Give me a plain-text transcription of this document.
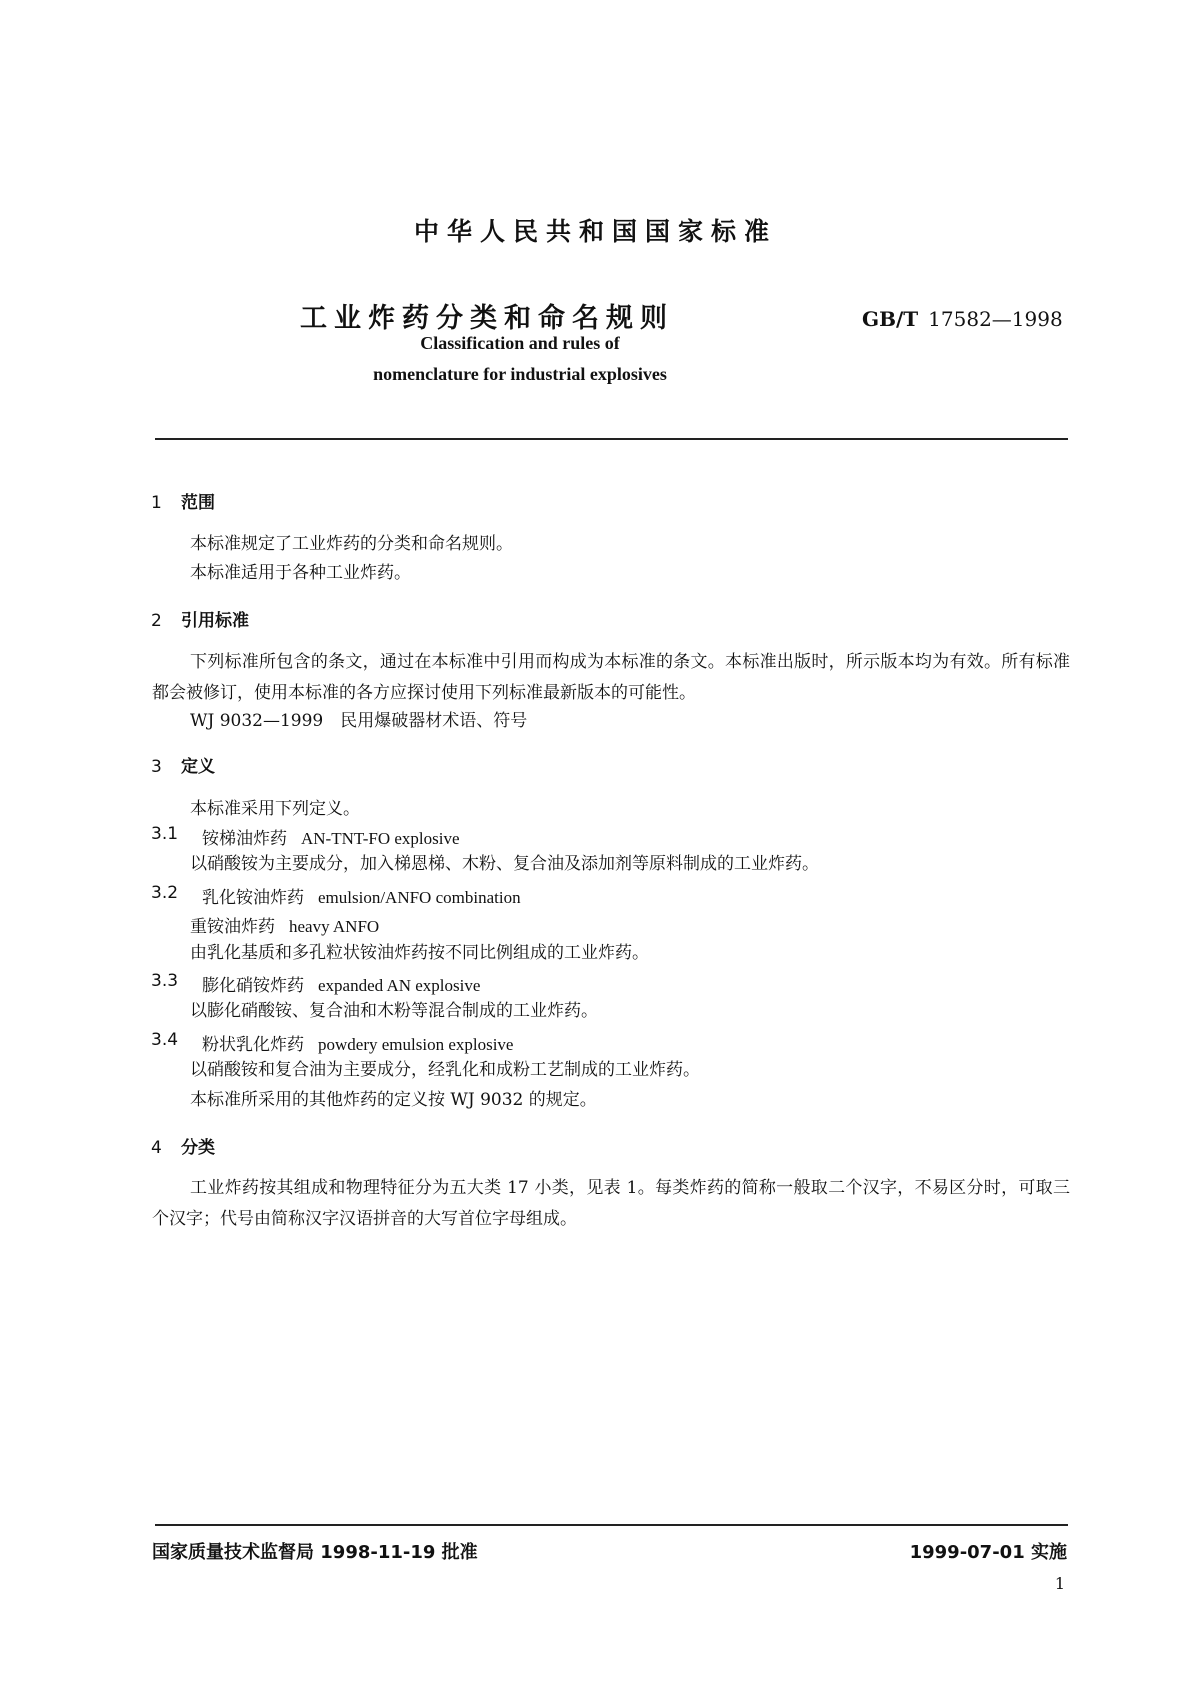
中华人民共和国国家标准
工业炸药分类和命名规则	GB/T 17582—1998
Classification and rules of
nomenclature for industrial explosives
1 范围
本标准规定了工业炸药的分类和命名规则。
本标准适用于各种工业炸药。
2 引用标准

下列标准所包含的条文，通过在本标准中引用而构成为本标准的条文。本标准出版时，所示版本均为有效。所有标准都会被修订，使用本标准的各方应探讨使用下列标准最新版本的可能性。

WJ 9032—1999　民用爆破器材术语、符号
3 定义
本标准采用下列定义。
3.1 铵梯油炸药 AN-TNT-FO explosive
以硝酸铵为主要成分，加入梯恩梯、木粉、复合油及添加剂等原料制成的工业炸药。
3.2 乳化铵油炸药 emulsion/ANFO combination
重铵油炸药 heavy ANFO
由乳化基质和多孔粒状铵油炸药按不同比例组成的工业炸药。
3.3 膨化硝铵炸药 expanded AN explosive
以膨化硝酸铵、复合油和木粉等混合制成的工业炸药。
3.4 粉状乳化炸药 powdery emulsion explosive
以硝酸铵和复合油为主要成分，经乳化和成粉工艺制成的工业炸药。
本标准所采用的其他炸药的定义按 WJ 9032 的规定。
4 分类

工业炸药按其组成和物理特征分为五大类 17 小类，见表 1。每类炸药的简称一般取二个汉字，不易区分时，可取三个汉字；代号由简称汉字汉语拼音的大写首位字母组成。

国家质量技术监督局 1998-11-19 批准	1999-07-01 实施
1
